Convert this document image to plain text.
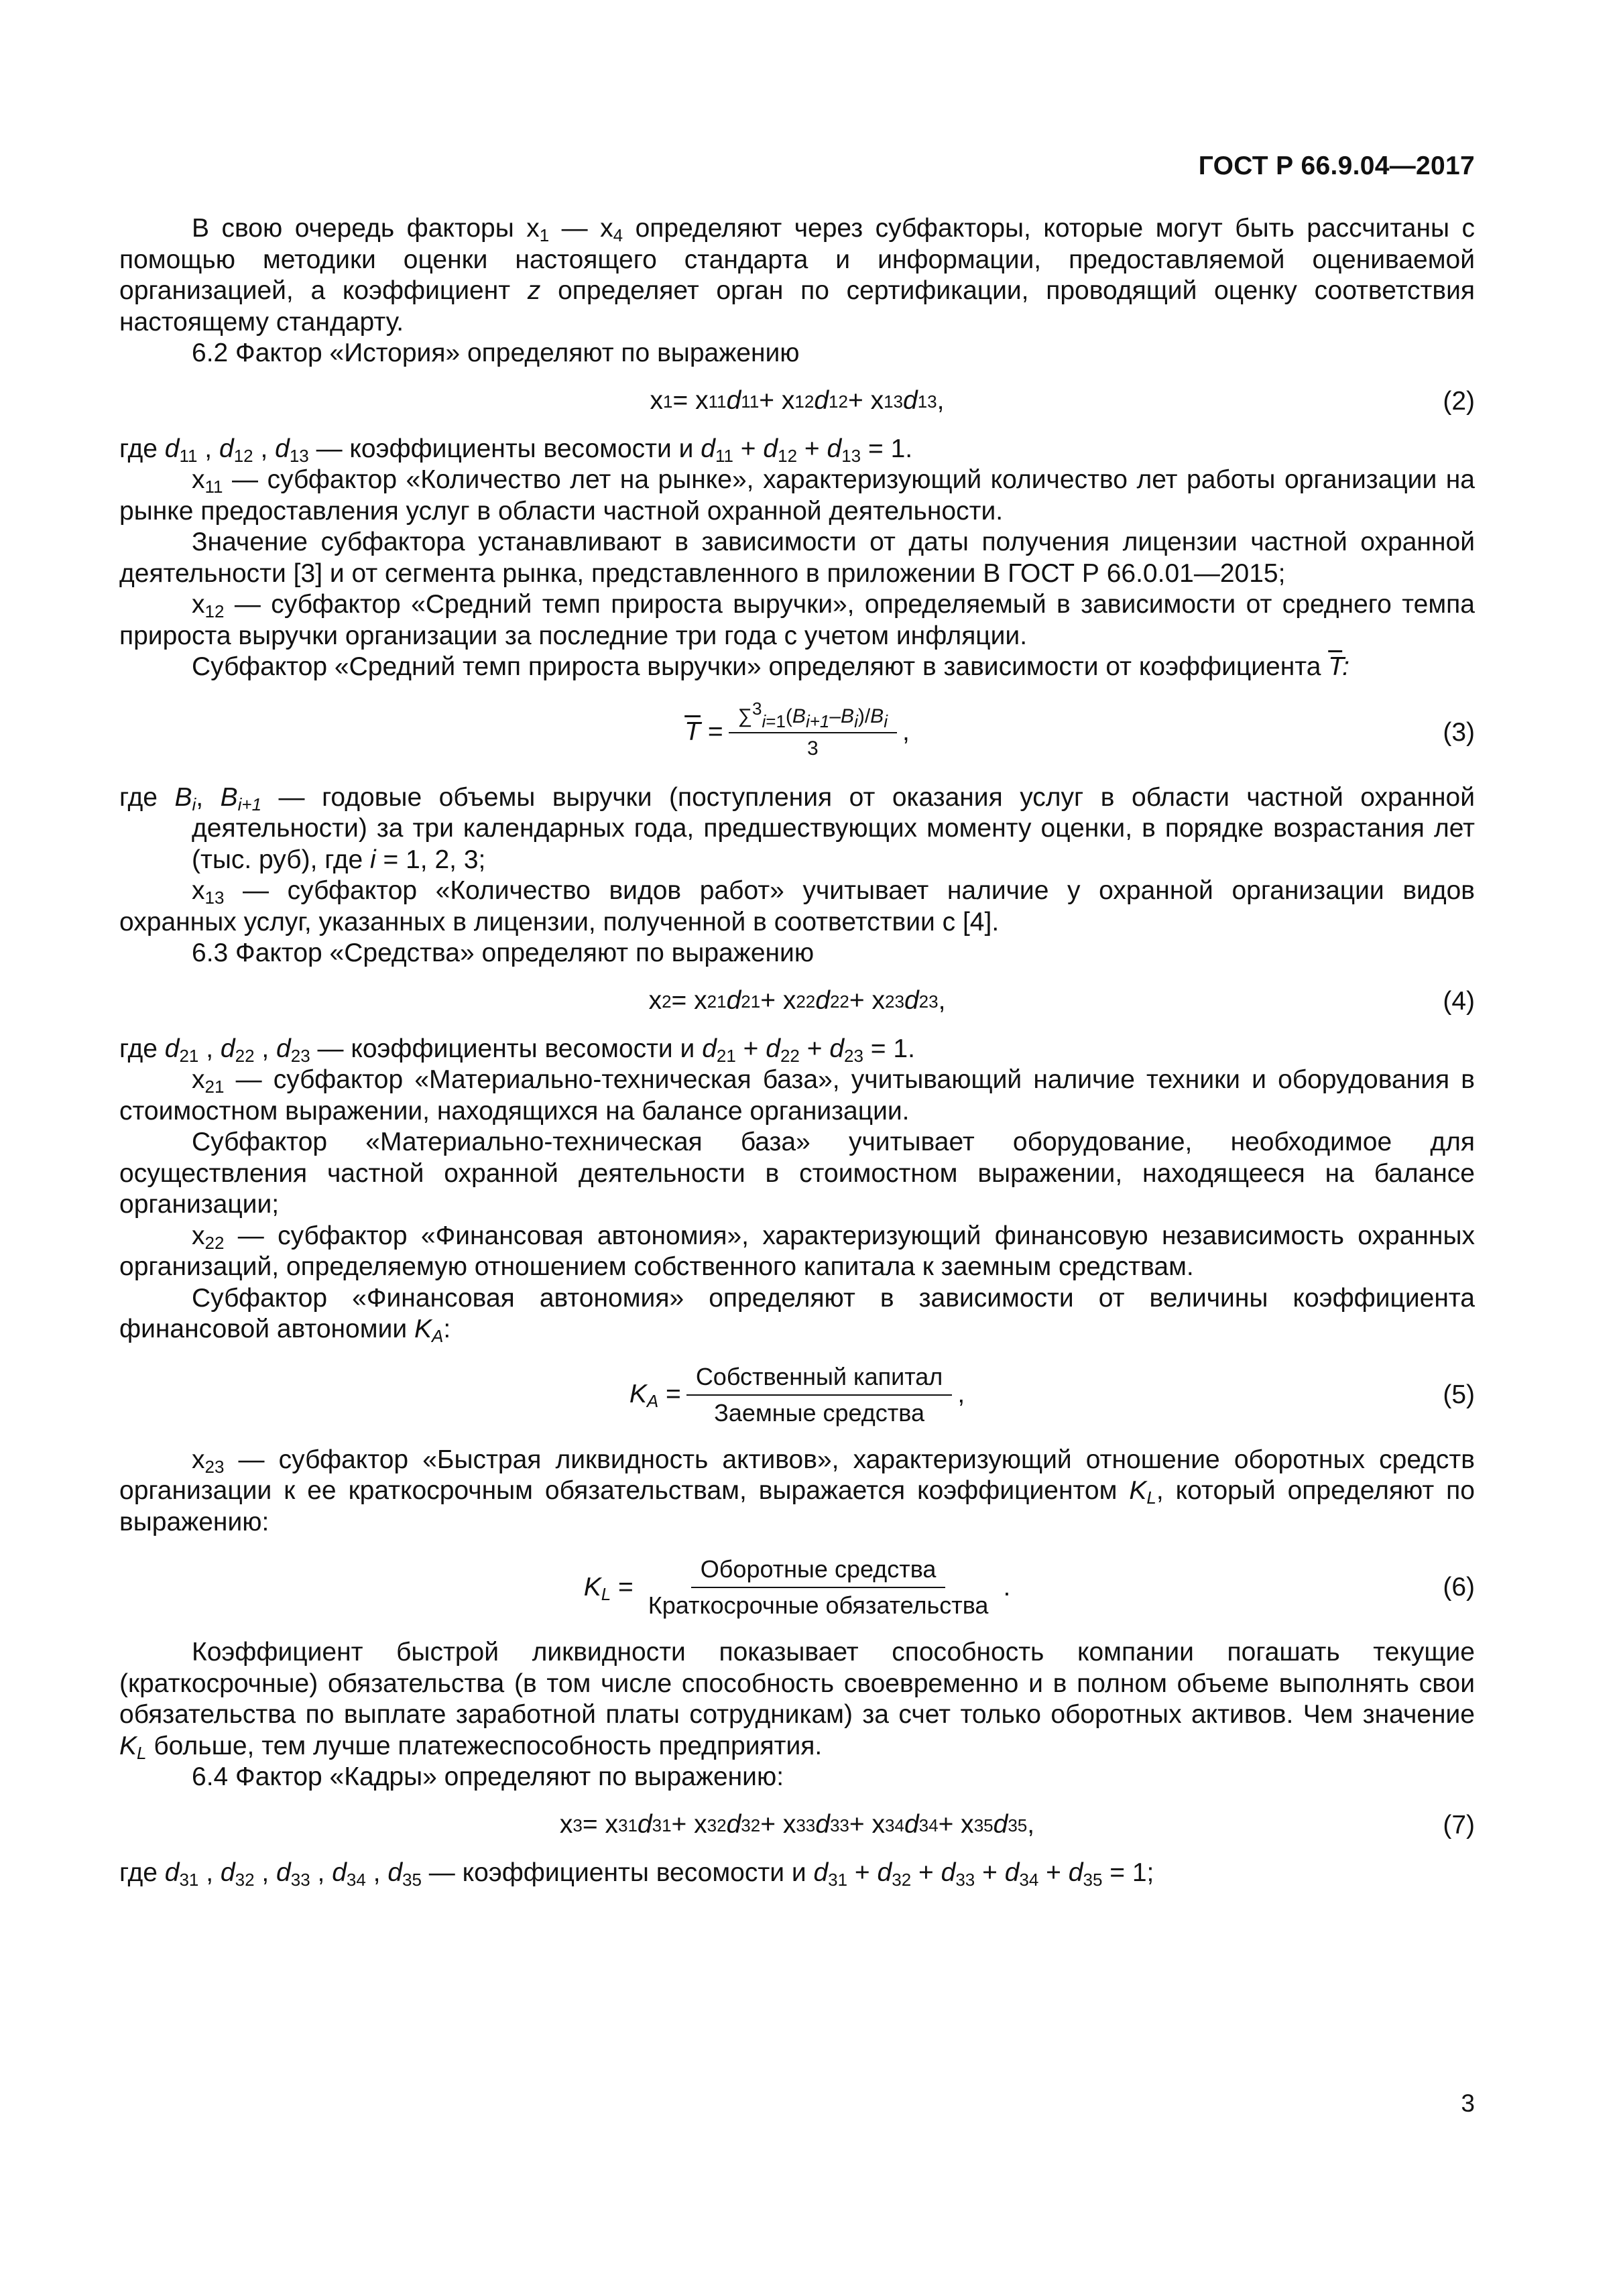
ГОСТ Р 66.9.04—2017

В свою очередь факторы $x_1$ — $x_4$ определяют через субфакторы, которые могут быть рассчитаны с помощью методики оценки настоящего стандарта и информации, предоставляемой оцениваемой организацией, а коэффициент z определяет орган по сертификации, проводящий оценку соответствия настоящему стандарту.

6.2 Фактор «История» определяют по выражению

x 1 = x 11 d 11 + x 12 d 12 + x 13 d 13 ,	(2)

где $d_{11}$ , $d_{12}$ , $d_{13}$ — коэффициенты весомости и $d_{11} + d_{12} + d_{13} = 1$.

$x_{11}$ — субфактор «Количество лет на рынке», характеризующий количество лет работы организации на рынке предоставления услуг в области частной охранной деятельности.

Значение субфактора устанавливают в зависимости от даты получения лицензии частной охранной деятельности [3] и от сегмента рынка, представленного в приложении В ГОСТ Р 66.0.01—2015;

$x_{12}$ — субфактор «Средний темп прироста выручки», определяемый в зависимости от среднего темпа прироста выручки организации за последние три года с учетом инфляции.

Субфактор «Средний темп прироста выручки» определяют в зависимости от коэффициента $\overline{T}$:

$\overline{T} = \frac{\sum^3_{i=1}(B_{i+1}-B_i)/B_i}{3}$ ,	(3)

где $B_i$, $B_{i+1}$ — годовые объемы выручки (поступления от оказания услуг в области частной охранной деятельности) за три календарных года, предшествующих моменту оценки, в порядке возрастания лет (тыс. руб), где i = 1, 2, 3;

$x_{13}$ — субфактор «Количество видов работ» учитывает наличие у охранной организации видов охранных услуг, указанных в лицензии, полученной в соответствии с [4].

6.3 Фактор «Средства» определяют по выражению

x 2 = x 21 d 21 + x 22 d 22 + x 23 d 23 ,	(4)

где $d_{21}$ , $d_{22}$ , $d_{23}$ — коэффициенты весомости и $d_{21} + d_{22} + d_{23} = 1$.

$x_{21}$ — субфактор «Материально-техническая база», учитывающий наличие техники и оборудования в стоимостном выражении, находящихся на балансе организации.

Субфактор «Материально-техническая база» учитывает оборудование, необходимое для осуществления частной охранной деятельности в стоимостном выражении, находящееся на балансе организации;

$x_{22}$ — субфактор «Финансовая автономия», характеризующий финансовую независимость охранных организаций, определяемую отношением собственного капитала к заемным средствам.

Субфактор «Финансовая автономия» определяют в зависимости от величины коэффициента финансовой автономии $K_A$:

$K_A = \frac{\text{Собственный капитал}}{\text{Заемные средства}}$ ,	(5)

$x_{23}$ — субфактор «Быстрая ликвидность активов», характеризующий отношение оборотных средств организации к ее краткосрочным обязательствам, выражается коэффициентом $K_L$, который определяют по выражению:

$K_L = \frac{\text{Оборотные средства}}{\text{Краткосрочные обязательства}}$ .	(6)

Коэффициент быстрой ликвидности показывает способность компании погашать текущие (краткосрочные) обязательства (в том числе способность своевременно и в полном объеме выполнять свои обязательства по выплате заработной платы сотрудникам) за счет только оборотных активов. Чем значение $K_L$ больше, тем лучше платежеспособность предприятия.

6.4 Фактор «Кадры» определяют по выражению:

x 3 = x 31 d 31 + x 32 d 32 + x 33 d 33 + x 34 d 34 + x 35 d 35 ,	(7)

где $d_{31}$ , $d_{32}$ , $d_{33}$ , $d_{34}$ , $d_{35}$ — коэффициенты весомости и $d_{31} + d_{32} + d_{33} + d_{34} + d_{35} = 1$;

3
